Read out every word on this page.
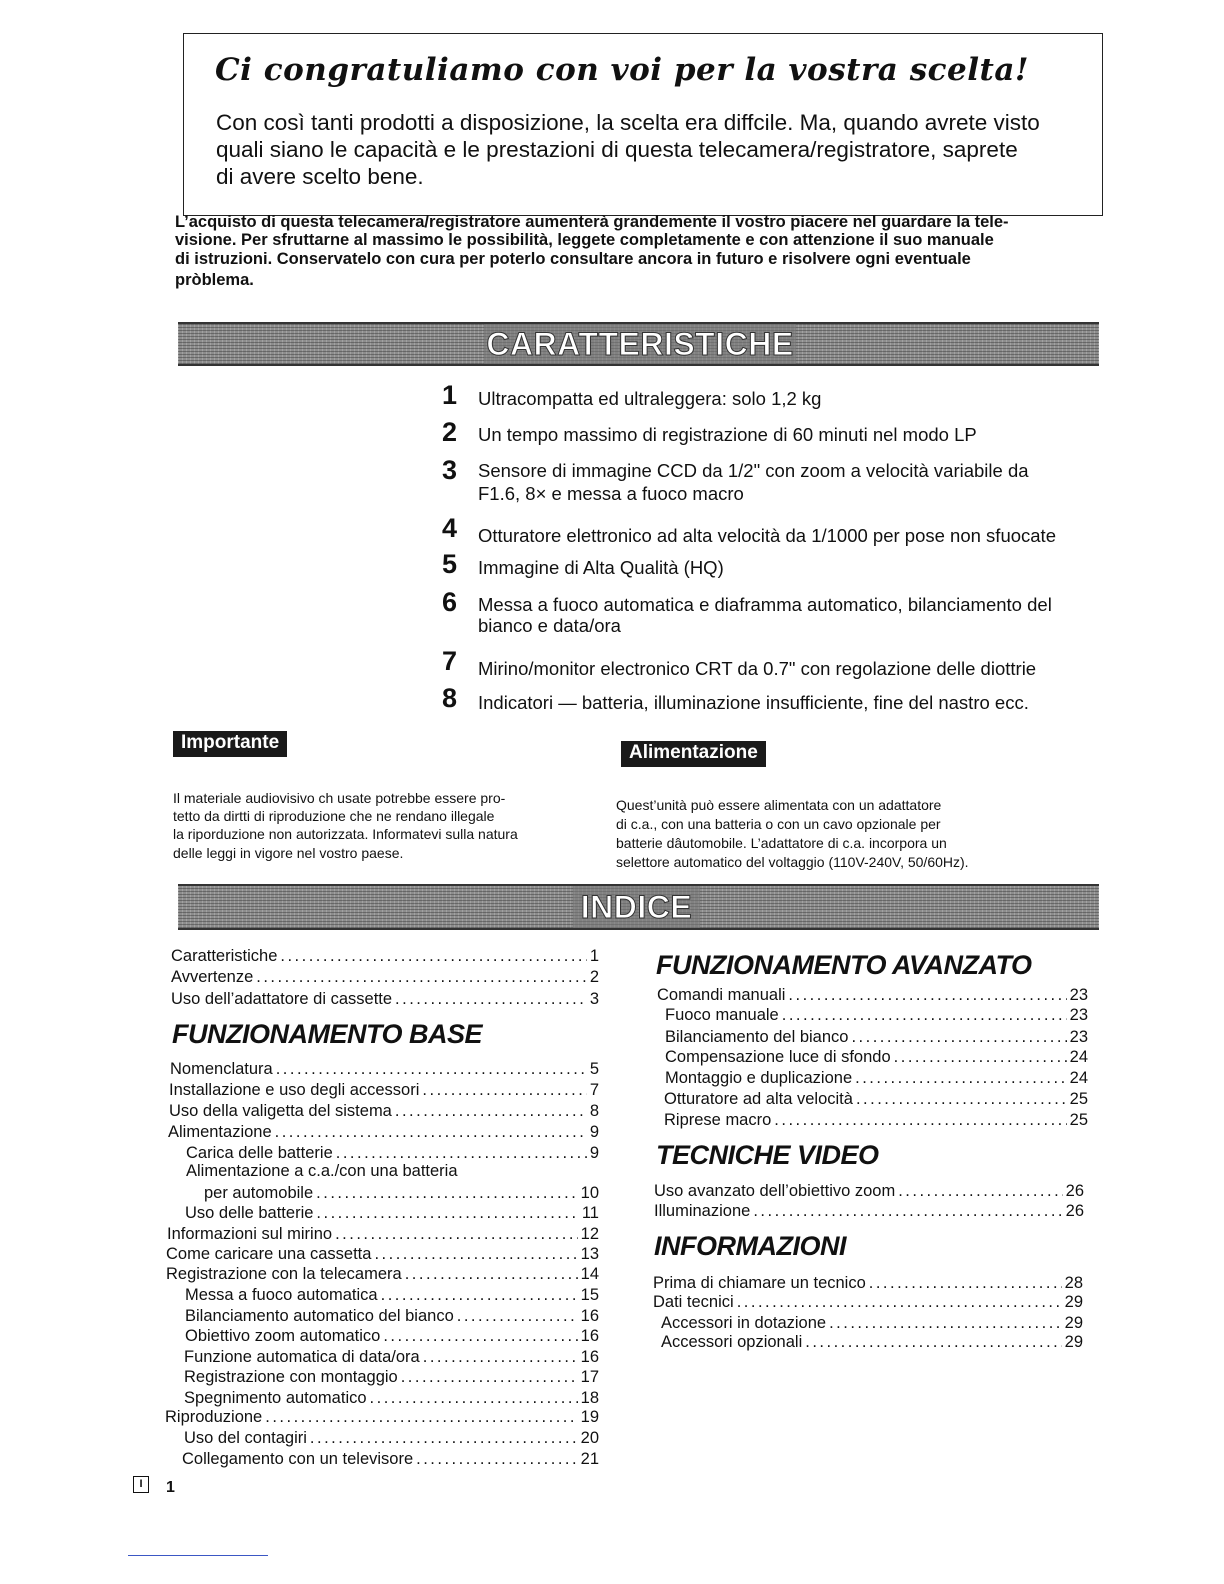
Ci congratuliamo con voi per la vostra scelta!
Con così tanti prodotti a disposizione, la scelta era diffcile. Ma, quando avrete visto
quali siano le capacità e le prestazioni di questa telecamera/registratore, saprete
di avere scelto bene.
L’acquisto di questa telecamera/registratore aumenterà grandemente il vostro piacere nel guardare la tele-
visione. Per sfruttarne al massimo le possibilità, leggete completamente e con attenzione il suo manuale
di istruzioni. Conservatelo con cura per poterlo consultare ancora in futuro e risolvere ogni eventuale
pròblema.
CARATTERISTICHE
1 Ultracompatta ed ultraleggera: solo 1,2 kg
2 Un tempo massimo di registrazione di 60 minuti nel modo LP
3 Sensore di immagine CCD da 1/2" con zoom a velocità variabile da
F1.6, 8× e messa a fuoco macro
4 Otturatore elettronico ad alta velocità da 1/1000 per pose non sfuocate
5 Immagine di Alta Qualità (HQ)
6 Messa a fuoco automatica e diaframma automatico, bilanciamento del
bianco e data/ora
7 Mirino/monitor electronico CRT da 0.7" con regolazione delle diottrie
8 Indicatori — batteria, illuminazione insufficiente, fine del nastro ecc.
Importante
Il materiale audiovisivo ch usate potrebbe essere pro-
tetto da dirtti di riproduzione che ne rendano illegale
la riporduzione non autorizzata. Informatevi sulla natura
delle leggi in vigore nel vostro paese.
Alimentazione
Quest’unità può essere alimentata con un adattatore
di c.a., con una batteria o con un cavo opzionale per
batterie dâutomobile. L’adattatore di c.a. incorpora un
selettore automatico del voltaggio (110V-240V, 50/60Hz).
INDICE
Caratteristiche .....	1
Avvertenze .....	2
Uso dell’adattatore di cassette .....	3
FUNZIONAMENTO BASE
Nomenclatura .....	5
Installazione e uso degli accessori .....	7
Uso della valigetta del sistema .....	8
Alimentazione .....	9
Carica delle batterie .....	9
Alimentazione a c.a./con una batteria
per automobile .....	10
Uso delle batterie .....	11
Informazioni sul mirino .....	12
Come caricare una cassetta .....	13
Registrazione con la telecamera .....	14
Messa a fuoco automatica .....	15
Bilanciamento automatico del bianco .....	16
Obiettivo zoom automatico .....	16
Funzione automatica di data/ora .....	16
Registrazione con montaggio .....	17
Spegnimento automatico .....	18
Riproduzione .....	19
Uso del contagiri .....	20
Collegamento con un televisore .....	21
FUNZIONAMENTO AVANZATO
Comandi manuali .....	23
Fuoco manuale .....	23
Bilanciamento del bianco .....	23
Compensazione luce di sfondo .....	24
Montaggio e duplicazione .....	24
Otturatore ad alta velocità .....	25
Riprese macro .....	25
TECNICHE VIDEO
Uso avanzato dell’obiettivo zoom .....	26
Illuminazione .....	26
INFORMAZIONI
Prima di chiamare un tecnico .....	28
Dati tecnici .....	29
Accessori in dotazione .....	29
Accessori opzionali .....	29
I	1
